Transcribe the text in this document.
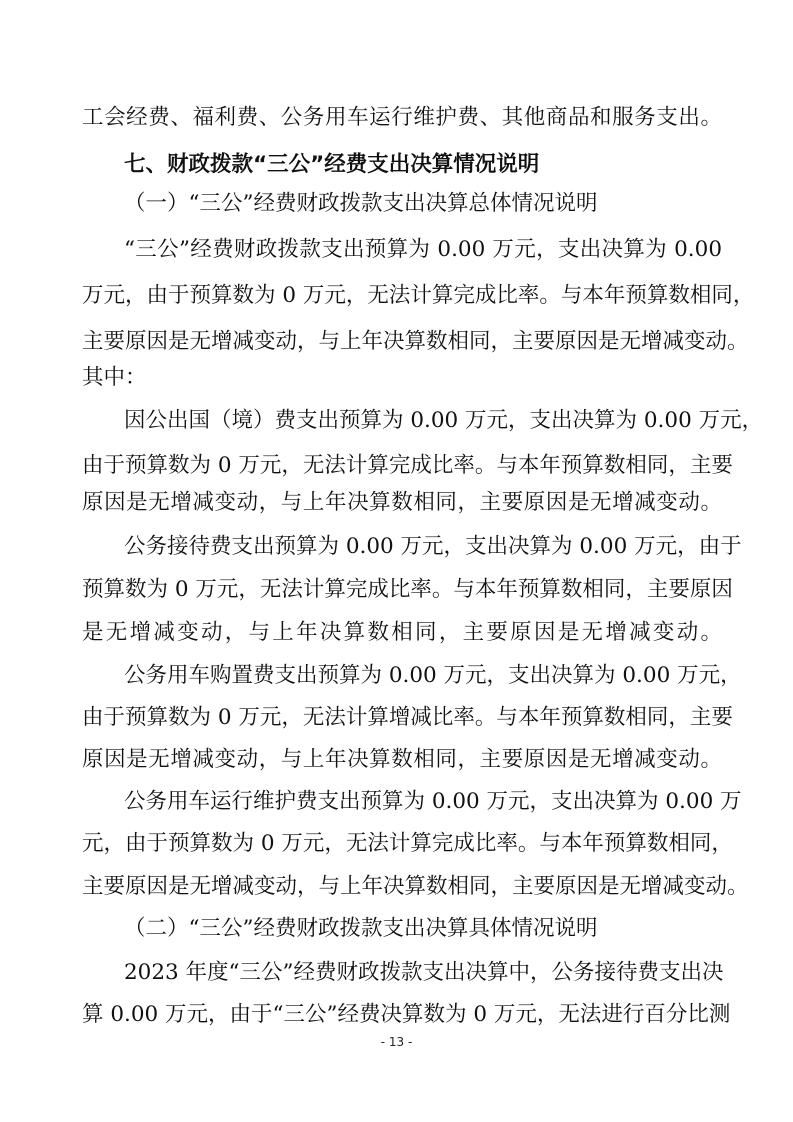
工会经费、福利费、公务用车运行维护费、其他商品和服务支出。
七、财政拨款“三公”经费支出决算情况说明
（一）“三公”经费财政拨款支出决算总体情况说明
“三公”经费财政拨款支出预算为 0.00 万元，支出决算为 0.00
万元，由于预算数为 0 万元，无法计算完成比率。与本年预算数相同，
主要原因是无增减变动，与上年决算数相同，主要原因是无增减变动。
其中：
因公出国（境）费支出预算为 0.00 万元，支出决算为 0.00 万元，
由于预算数为 0 万元，无法计算完成比率。与本年预算数相同，主要
原因是无增减变动，与上年决算数相同，主要原因是无增减变动。
公务接待费支出预算为 0.00 万元，支出决算为 0.00 万元，由于
预算数为 0 万元，无法计算完成比率。与本年预算数相同，主要原因
是无增减变动，与上年决算数相同，主要原因是无增减变动。
公务用车购置费支出预算为 0.00 万元，支出决算为 0.00 万元，
由于预算数为 0 万元，无法计算增减比率。与本年预算数相同，主要
原因是无增减变动，与上年决算数相同，主要原因是无增减变动。
公务用车运行维护费支出预算为 0.00 万元，支出决算为 0.00 万
元，由于预算数为 0 万元，无法计算完成比率。与本年预算数相同，
主要原因是无增减变动，与上年决算数相同，主要原因是无增减变动。
（二）“三公”经费财政拨款支出决算具体情况说明
2023 年度“三公”经费财政拨款支出决算中，公务接待费支出决
算 0.00 万元，由于“三公”经费决算数为 0 万元，无法进行百分比测
- 13 -
